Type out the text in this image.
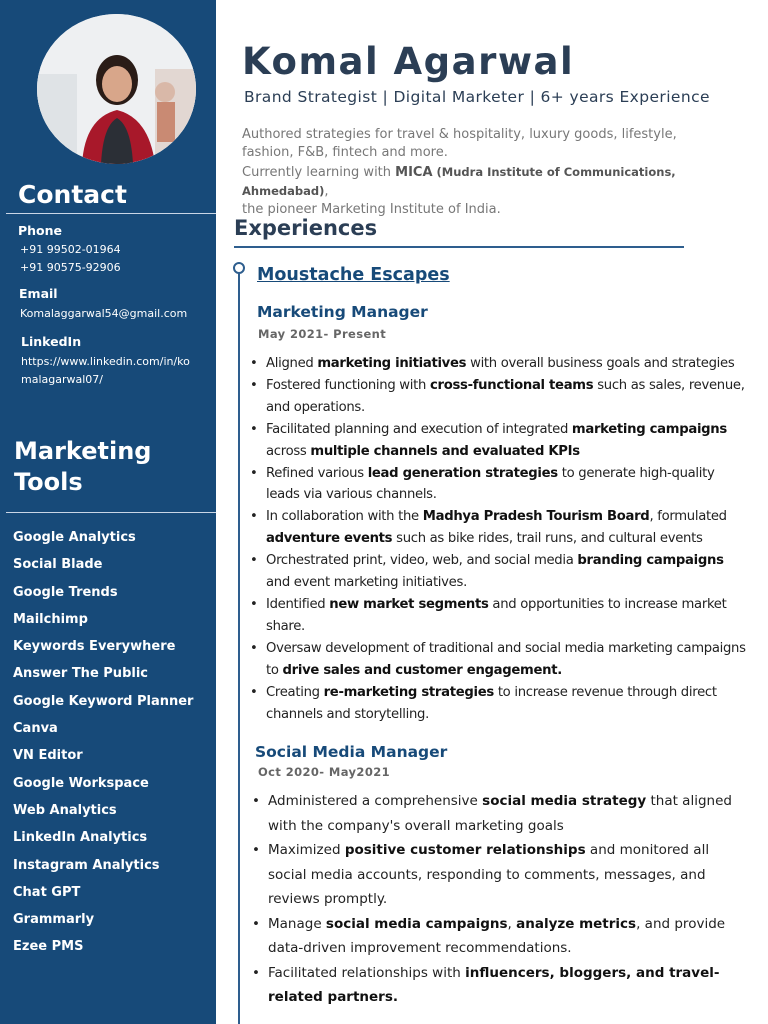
Contact
Phone
+91 99502-01964
+91 90575-92906
Email
Komalaggarwal54@gmail.com
LinkedIn
https://www.linkedin.com/in/ko
malagarwal07/
Marketing
Tools
Google Analytics
Social Blade
Google Trends
Mailchimp
Keywords Everywhere
Answer The Public
Google Keyword Planner
Canva
VN Editor
Google Workspace
Web Analytics
LinkedIn Analytics
Instagram Analytics
Chat GPT
Grammarly
Ezee PMS
Komal Agarwal
Brand Strategist | Digital Marketer | 6+ years Experience
Authored strategies for travel & hospitality, luxury goods, lifestyle,
fashion, F&B, fintech and more.
Currently learning with MICA (Mudra Institute of Communications, Ahmedabad),
the pioneer Marketing Institute of India.
Experiences
Moustache Escapes
Marketing Manager
May 2021- Present
• Aligned marketing initiatives with overall business goals and strategies
• Fostered functioning with cross-functional teams such as sales, revenue, and operations.
• Facilitated planning and execution of integrated marketing campaigns across multiple channels and evaluated KPIs
• Refined various lead generation strategies to generate high-quality leads via various channels.
• In collaboration with the Madhya Pradesh Tourism Board, formulated adventure events such as bike rides, trail runs, and cultural events
• Orchestrated print, video, web, and social media branding campaigns and event marketing initiatives.
• Identified new market segments and opportunities to increase market share.
• Oversaw development of traditional and social media marketing campaigns to drive sales and customer engagement.
• Creating re-marketing strategies to increase revenue through direct channels and storytelling.
Social Media Manager
Oct 2020- May2021
• Administered a comprehensive social media strategy that aligned with the company's overall marketing goals
• Maximized positive customer relationships and monitored all social media accounts, responding to comments, messages, and reviews promptly.
• Manage social media campaigns, analyze metrics, and provide data-driven improvement recommendations.
• Facilitated relationships with influencers, bloggers, and travel-related partners.
